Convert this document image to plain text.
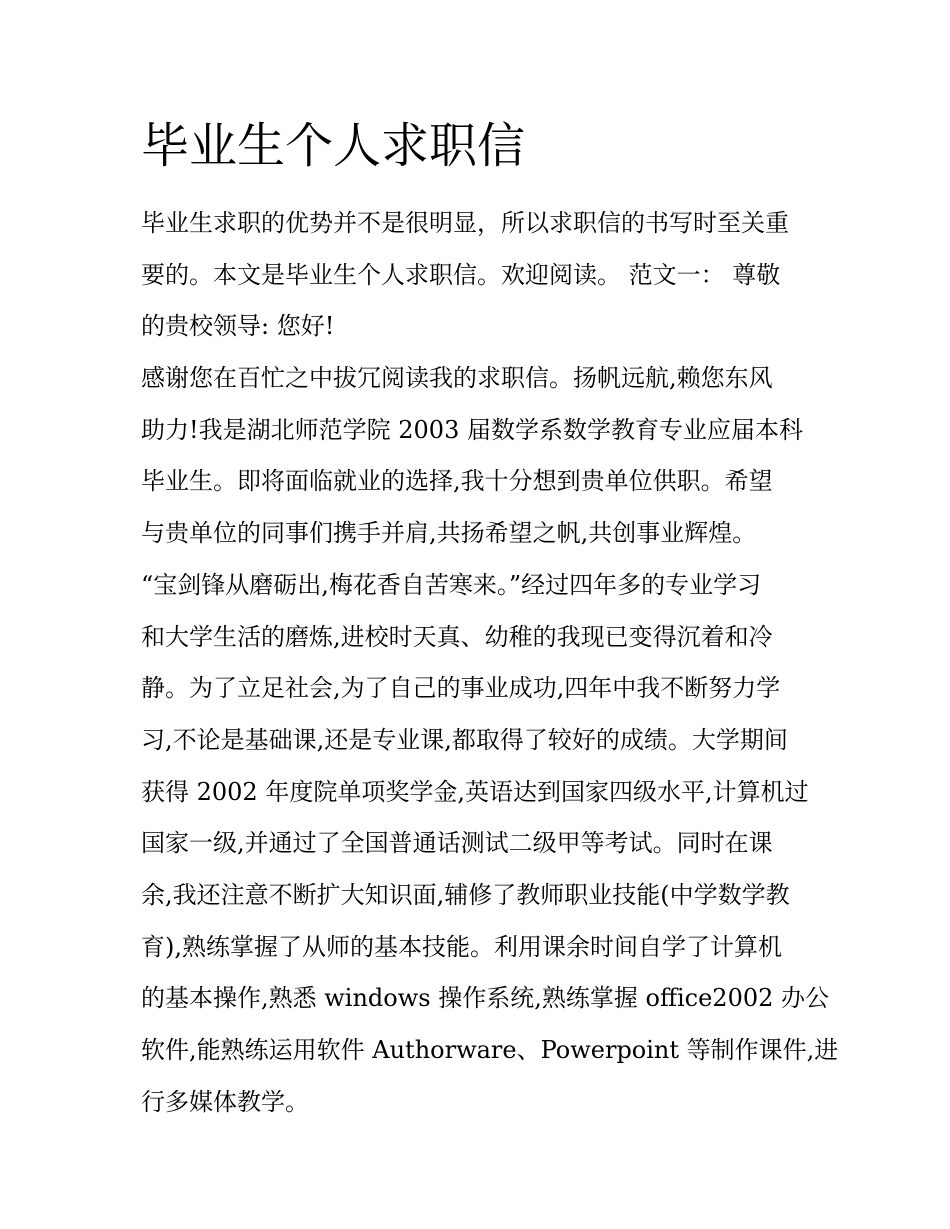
毕业生个人求职信
毕业生求职的优势并不是很明显，所以求职信的书写时至关重
要的。本文是毕业生个人求职信。欢迎阅读。 范文一： 尊敬
的贵校领导: 您好!
感谢您在百忙之中拔冗阅读我的求职信。扬帆远航,赖您东风
助力!我是湖北师范学院 2003 届数学系数学教育专业应届本科
毕业生。即将面临就业的选择,我十分想到贵单位供职。希望
与贵单位的同事们携手并肩,共扬希望之帆,共创事业辉煌。
“宝剑锋从磨砺出,梅花香自苦寒来。”经过四年多的专业学习
和大学生活的磨炼,进校时天真、幼稚的我现已变得沉着和冷
静。为了立足社会,为了自己的事业成功,四年中我不断努力学
习,不论是基础课,还是专业课,都取得了较好的成绩。大学期间
获得 2002 年度院单项奖学金,英语达到国家四级水平,计算机过
国家一级,并通过了全国普通话测试二级甲等考试。同时在课
余,我还注意不断扩大知识面,辅修了教师职业技能(中学数学教
育),熟练掌握了从师的基本技能。利用课余时间自学了计算机
的基本操作,熟悉 windows 操作系统,熟练掌握 office2002 办公
软件,能熟练运用软件 Authorware、Powerpoint 等制作课件,进
行多媒体教学。
